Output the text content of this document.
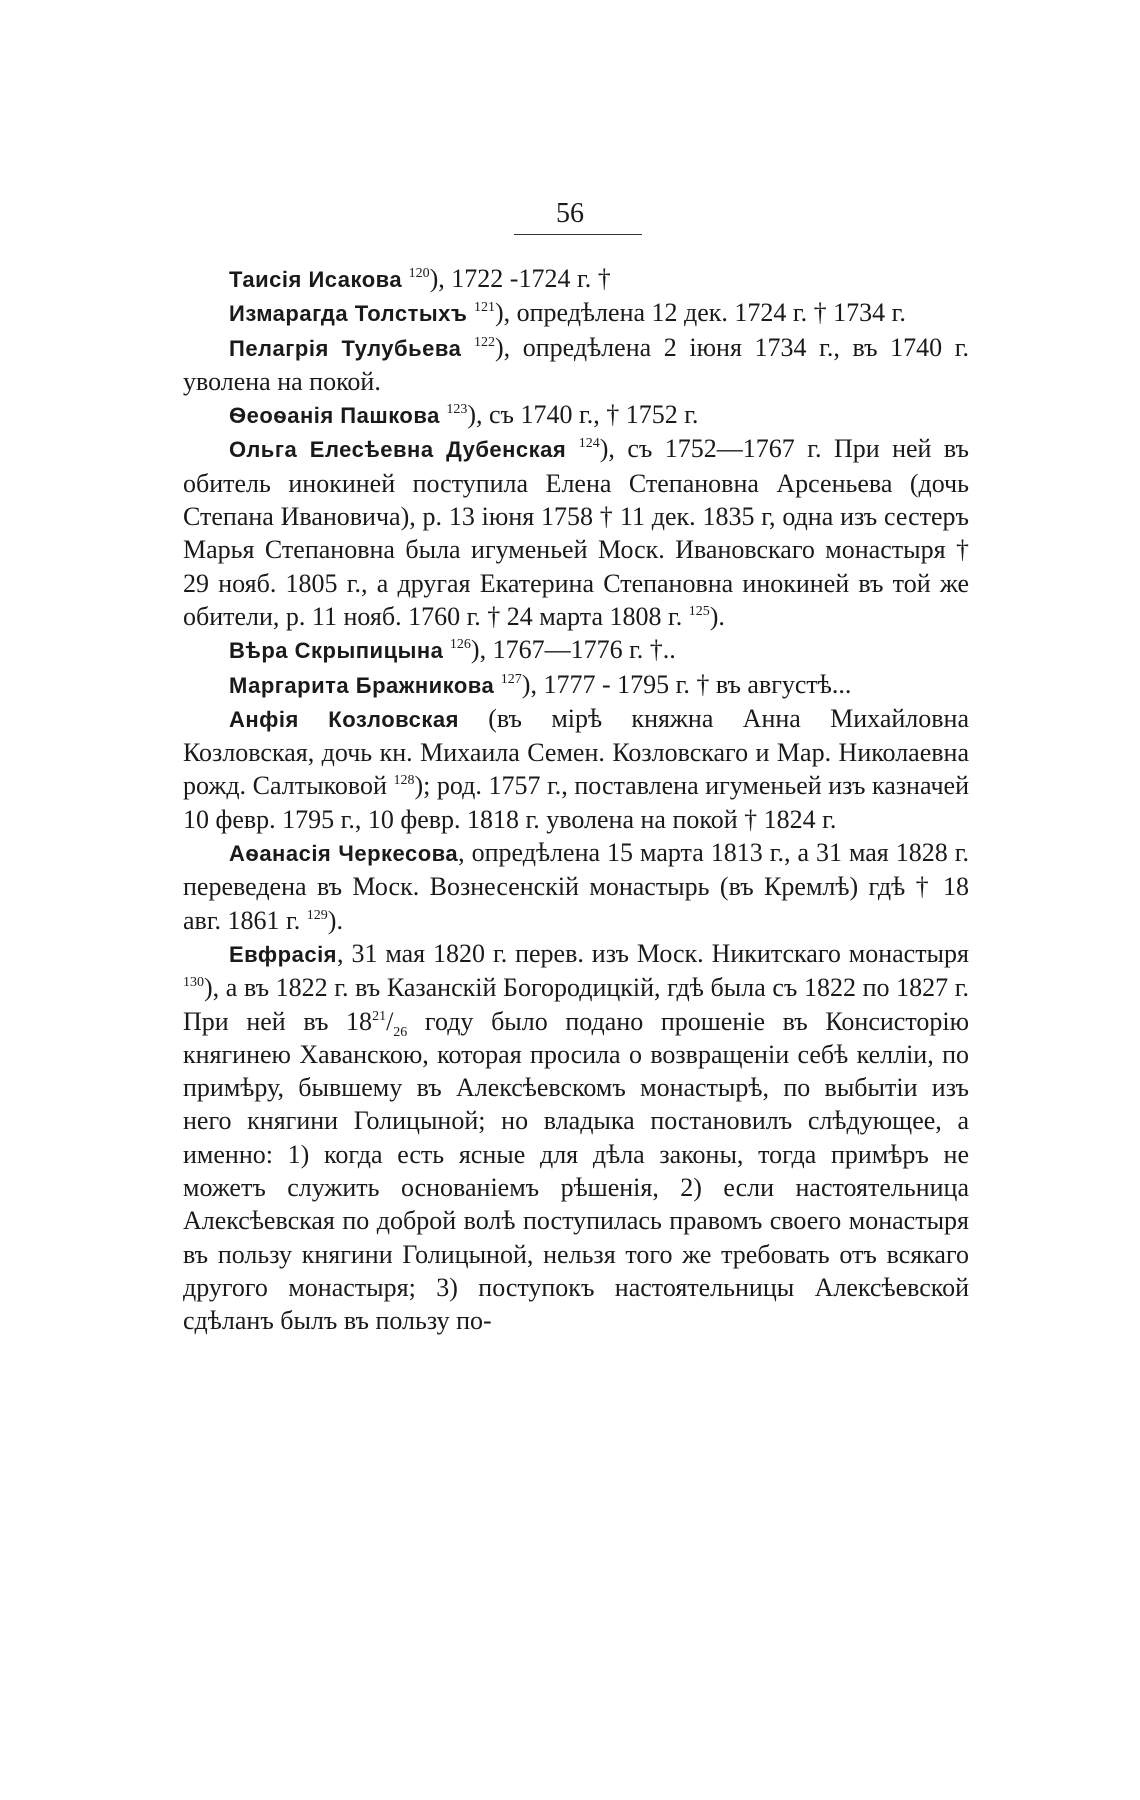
56

Таисія Исакова $^{120}$), 1722 -1724 г. †

Измарагда Толстыхъ $^{121}$), опредѣлена 12 дек. 1724 г. † 1734 г.

Пелагрія Тулубьева $^{122}$), опредѣлена 2 іюня 1734 г., въ 1740 г. уволена на покой.

Ѳеоѳанія Пашкова $^{123}$), съ 1740 г., † 1752 г.

Ольга Елесѣевна Дубенская $^{124}$), съ 1752—1767 г. При ней въ обитель инокиней поступила Елена Степановна Арсеньева (дочь Степана Ивановича), р. 13 іюня 1758 † 11 дек. 1835 г, одна изъ сестеръ Марья Степановна была игуменьей Моск. Ивановскаго монастыря † 29 нояб. 1805 г., а другая Екатерина Степановна инокиней въ той же обители, р. 11 нояб. 1760 г. † 24 марта 1808 г. $^{125}$).

Вѣра Скрыпицына $^{126}$), 1767—1776 г. †..

Маргарита Бражникова $^{127}$), 1777 - 1795 г. † въ августѣ...

Анфія Козловская (въ мірѣ княжна Анна Михайловна Козловская, дочь кн. Михаила Семен. Козловскаго и Мар. Николаевна рожд. Салтыковой $^{128}$); род. 1757 г., поставлена игуменьей изъ казначей 10 февр. 1795 г., 10 февр. 1818 г. уволена на покой † 1824 г.

Аѳанасія Черкесова, опредѣлена 15 марта 1813 г., а 31 мая 1828 г. переведена въ Моск. Вознесенскій монастырь (въ Кремлѣ) гдѣ † 18 авг. 1861 г. $^{129}$).

Евфрасія, 31 мая 1820 г. перев. изъ Моск. Никитскаго монастыря $^{130}$), а въ 1822 г. въ Казанскій Богородицкій, гдѣ была съ 1822 по 1827 г. При ней въ $18^{21}/_{26}$ году было подано прошеніе въ Консисторію княгинею Хаванскою, которая просила о возвращеніи себѣ келліи, по примѣру, бывшему въ Алексѣевскомъ монастырѣ, по выбытіи изъ него княгини Голицыной; но владыка постановилъ слѣдующее, а именно: 1) когда есть ясные для дѣла законы, тогда примѣръ не можетъ служить основаніемъ рѣшенія, 2) если настоятельница Алексѣевская по доброй волѣ поступилась правомъ своего монастыря въ пользу княгини Голицыной, нельзя того же требовать отъ всякаго другого монастыря; 3) поступокъ настоятельницы Алексѣевской сдѣланъ былъ въ пользу по-
